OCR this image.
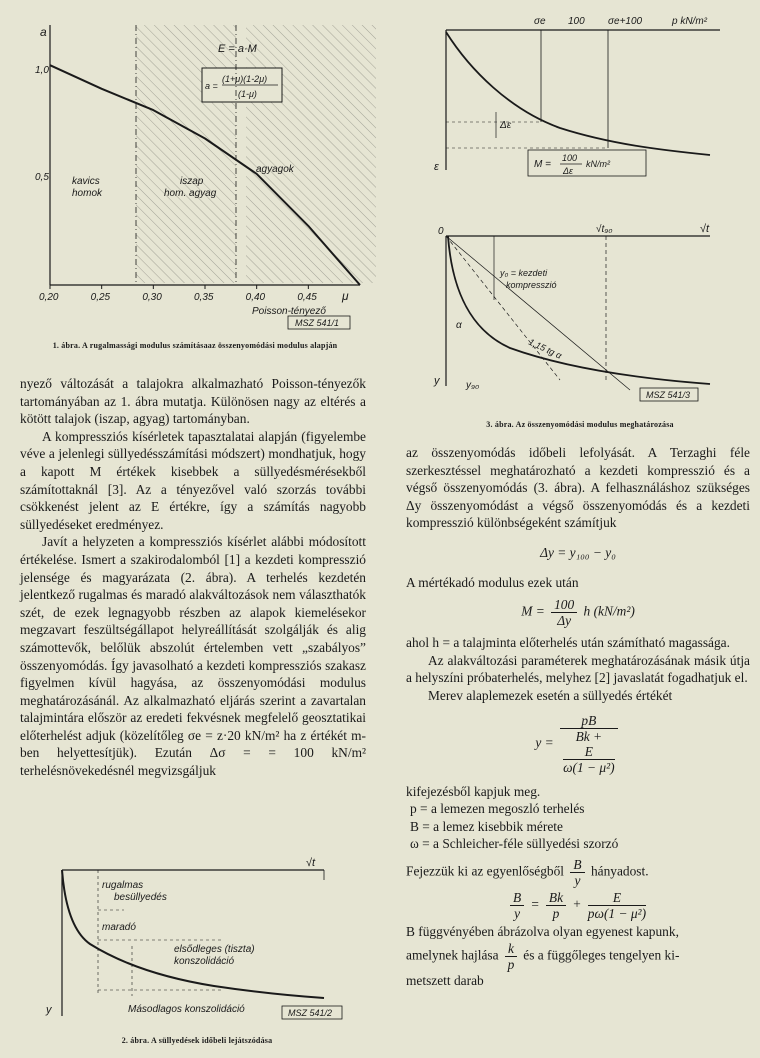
0,20	0,25	0,30	0,35	0,40	0,45
a
1,0
0,5
μ
Poisson-tényező
E = a·M
a =
(1+μ)(1-2μ)
(1-μ)
kavics
homok
iszap
hom. agyag
agyagok
MSZ 541/1
1. ábra. A rugalmassági modulus számításaaz összenyomódási modulus alapján

nyező változását a talajokra alkalmazható Poisson-tényezők tartományában az 1. ábra mutatja. Különösen nagy az eltérés a kötött talajok (iszap, agyag) tartományban.

A kompressziós kísérletek tapasztalatai alapján (figyelembe véve a jelenlegi süllyedésszámítási módszert) mondhatjuk, hogy a kapott M értékek kisebbek a süllyedésmérésekből számítottaknál [3]. Az a tényezővel való szorzás további csökkenést jelent az E értékre, így a számítás nagyobb süllyedéseket eredményez.

Javít a helyzeten a kompressziós kísérlet alábbi módosított értékelése. Ismert a szakirodalomból [1] a kezdeti kompresszió jelensége és magyarázata (2. ábra). A terhelés kezdetén jelentkező rugalmas és maradó alakváltozások nem választhatók szét, de ezek legnagyobb részben az alapok kiemelésekor megzavart feszültségállapot helyreállítását szolgálják és alig számottevők, belőlük abszolút értelemben vett „szabályos” összenyomódás. Így javasolható a kezdeti kompressziós szakasz figyelmen kívül hagyása, az összenyomódási modulus meghatározásánál. Az alkalmazható eljárás szerint a zavartalan talajmintára először az eredeti fekvésnek megfelelő geosztatikai előterhelést adjuk (közelítőleg σe = z·20 kN/m² ha z értékét m-ben helyettesítjük). Ezután Δσ = = 100 kN/m² terhelésnövekedésnél megvizsgáljuk

√t
rugalmas
besüllyedés
maradó
elsődleges (tiszta)
konszolidáció
Másodlagos konszolidáció
y	MSZ 541/2
2. ábra. A süllyedések időbeli lejátszódása
σe 100 σe+100	p kN/m²
Δε
ε	M =
100
Δε
kN/m²
0	√t₉₀	√t
y₀ = kezdeti
kompresszió
1,15 tg α
α
y	y₉₀
MSZ 541/3
3. ábra. Az összenyomódási modulus meghatározása

az összenyomódás időbeli lefolyását. A Terzaghi féle szerkesztéssel meghatározható a kezdeti kompresszió és a végső összenyomódás (3. ábra). A felhasználáshoz szükséges Δy összenyomódást a végső összenyomódás és a kezdeti kompresszió különbségeként számítjuk

Δy = y₁₀₀ − y₀

A mértékadó modulus ezek után

$M = \frac{100}{\Delta y}$ h (kN/m²)

ahol h = a talajminta előterhelés után számítható magassága.

Az alakváltozási paraméterek meghatározásának másik útja a helyszíni próbaterhelés, melyhez [2] javaslatát fogadhatjuk el.

Merev alaplemezek esetén a süllyedés értékét

y = pB
Bk +
E
ω(1 − μ²)

kifejezésből kapjuk meg.

p = a lemezen megoszló terhelés
B = a lemez kisebbik mérete
ω = a Schleicher-féle süllyedési szorzó

Fejezzük ki az egyenlőségből $\frac{B}{y}$ hányadost.

$\frac{B}{y} = \frac{Bk}{p} + \frac{E}{\text{pω(1 − μ²)}}$

B függvényében ábrázolva olyan egyenest kapunk,

amelynek hajlása $\frac{k}{p}$ és a függőleges tengelyen ki-

metszett darab
